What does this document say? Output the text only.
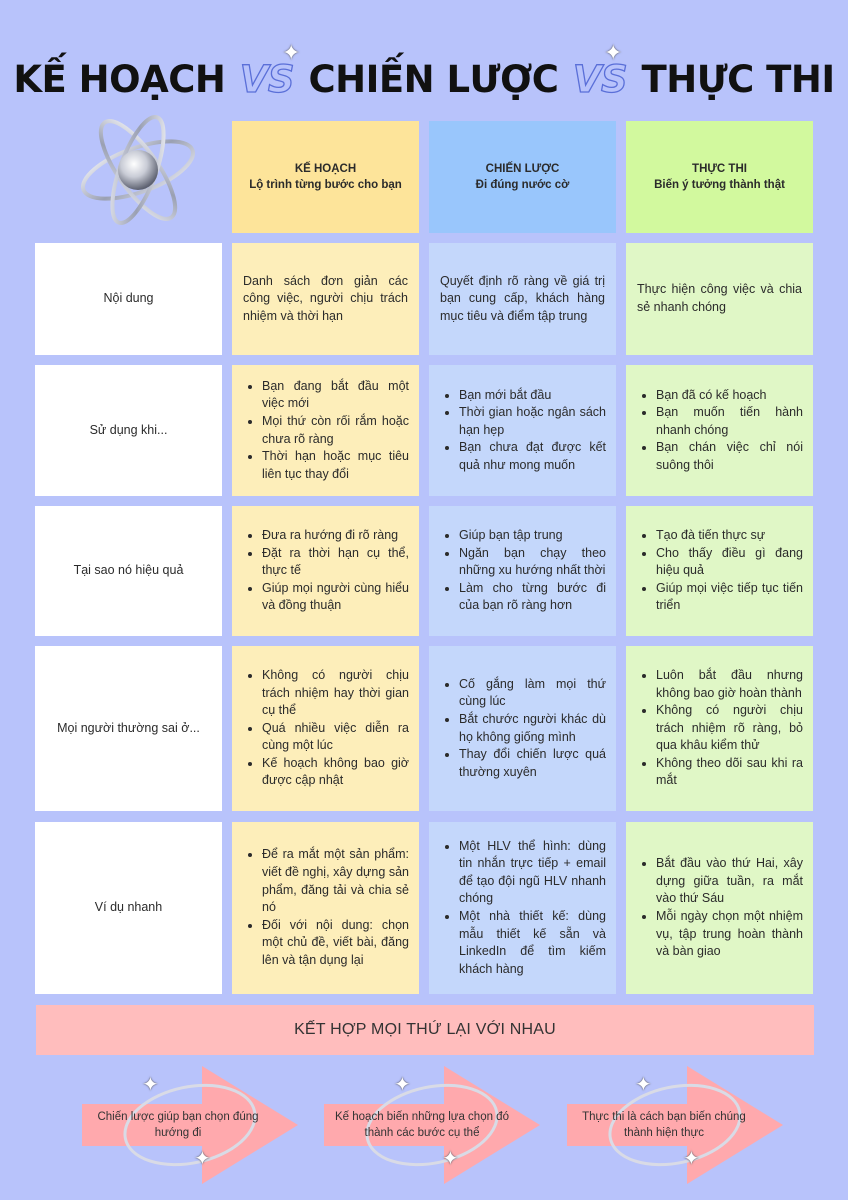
KẾ HOẠCH VS CHIẾN LƯỢC VS THỰC THI
✦	✦
KẾ HOẠCH
Lộ trình từng bước cho bạn
CHIẾN LƯỢC
Đi đúng nước cờ
THỰC THI
Biến ý tưởng thành thật
Nội dung
Danh sách đơn giản các công việc, người chịu trách nhiệm và thời hạn
Quyết định rõ ràng về giá trị bạn cung cấp, khách hàng mục tiêu và điểm tập trung
Thực hiện công việc và chia sẻ nhanh chóng
Sử dụng khi...
• Bạn đang bắt đầu một việc mới
• Mọi thứ còn rối rắm hoặc chưa rõ ràng
• Thời hạn hoặc mục tiêu liên tục thay đổi
• Bạn mới bắt đầu
• Thời gian hoặc ngân sách hạn hẹp
• Bạn chưa đạt được kết quả như mong muốn
• Bạn đã có kế hoạch
• Bạn muốn tiến hành nhanh chóng
• Bạn chán việc chỉ nói suông thôi
Tại sao nó hiệu quả
• Đưa ra hướng đi rõ ràng
• Đặt ra thời hạn cụ thể, thực tế
• Giúp mọi người cùng hiểu và đồng thuận
• Giúp bạn tập trung
• Ngăn bạn chạy theo những xu hướng nhất thời
• Làm cho từng bước đi của bạn rõ ràng hơn
• Tạo đà tiến thực sự
• Cho thấy điều gì đang hiệu quả
• Giúp mọi việc tiếp tục tiến triển
Mọi người thường sai ở...
• Không có người chịu trách nhiệm hay thời gian cụ thể
• Quá nhiều việc diễn ra cùng một lúc
• Kế hoạch không bao giờ được cập nhật
• Cố gắng làm mọi thứ cùng lúc
• Bắt chước người khác dù họ không giống mình
• Thay đổi chiến lược quá thường xuyên
• Luôn bắt đầu nhưng không bao giờ hoàn thành
• Không có người chịu trách nhiệm rõ ràng, bỏ qua khâu kiểm thử
• Không theo dõi sau khi ra mắt
Ví dụ nhanh
• Để ra mắt một sản phẩm: viết đề nghị, xây dựng sản phẩm, đăng tải và chia sẻ nó
• Đối với nội dung: chọn một chủ đề, viết bài, đăng lên và tận dụng lại
• Một HLV thể hình: dùng tin nhắn trực tiếp + email để tạo đội ngũ HLV nhanh chóng
• Một nhà thiết kế: dùng mẫu thiết kế sẵn và LinkedIn để tìm kiếm khách hàng
• Bắt đầu vào thứ Hai, xây dựng giữa tuần, ra mắt vào thứ Sáu
• Mỗi ngày chọn một nhiệm vụ, tập trung hoàn thành và bàn giao
KẾT HỢP MỌI THỨ LẠI VỚI NHAU
✦
✦
Chiến lược giúp bạn chọn đúng hướng đi
✦
✦
Kế hoạch biến những lựa chọn đó thành các bước cụ thể
✦
✦
Thực thi là cách bạn biến chúng thành hiện thực
